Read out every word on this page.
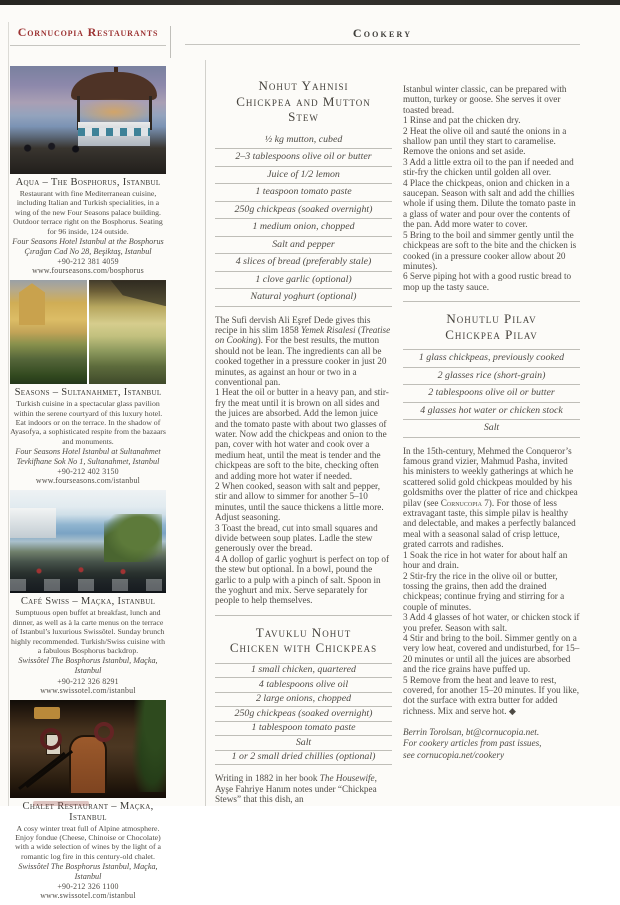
Cornucopia Restaurants	Cookery
Aqua – The Bosphorus, Istanbul
Restaurant with fine Mediterranean cuisine, including Italian and Turkish specialities, in a wing of the new Four Seasons palace building. Outdoor terrace right on the Bosphorus. Seating for 96 inside, 124 outside.
Four Seasons Hotel Istanbul at the Bosphorus
Çırağan Cad No 28, Beşiktaş, Istanbul
+90-212 381 4059 www.fourseasons.com/bosphorus
Seasons – Sultanahmet, Istanbul
Turkish cuisine in a spectacular glass pavilion within the serene courtyard of this luxury hotel. Eat indoors or on the terrace. In the shadow of Ayasofya, a sophisticated respite from the bazaars and monuments.
Four Seasons Hotel Istanbul at Sultanahmet
Tevkifhane Sok No 1, Sultanahmet, Istanbul
+90-212 402 3150 www.fourseasons.com/istanbul
Café Swiss – Maçka, Istanbul
Sumptuous open buffet at breakfast, lunch and dinner, as well as à la carte menus on the terrace of Istanbul’s luxurious Swissôtel. Sunday brunch highly recommended. Turkish/Swiss cuisine with a fabulous Bosphorus backdrop.
Swissôtel The Bosphorus Istanbul, Maçka, Istanbul
+90-212 326 8291 www.swissotel.com/istanbul
Chalet Restaurant – Maçka, Istanbul
A cosy winter treat full of Alpine atmosphere. Enjoy fondue (Cheese, Chinoise or Chocolate) with a wide selection of wines by the light of a romantic log fire in this century-old chalet.
Swissôtel The Bosphorus Istanbul, Maçka, Istanbul
+90-212 326 1100 www.swissotel.com/istanbul
Nohut Yahnisi
Chickpea and Mutton
Stew
½ kg mutton, cubed
2–3 tablespoons olive oil or butter
Juice of 1/2 lemon
1 teaspoon tomato paste
250g chickpeas (soaked overnight)
1 medium onion, chopped
Salt and pepper
4 slices of bread (preferably stale)
1 clove garlic (optional)
Natural yoghurt (optional)

The Sufi dervish Ali Eşref Dede gives this recipe in his slim 1858 Yemek Risalesi (Treatise on Cooking). For the best results, the mutton should not be lean. The ingredients can all be cooked together in a pressure cooker in just 20 minutes, as against an hour or two in a conventional pan.

1 Heat the oil or butter in a heavy pan, and stir-fry the meat until it is brown on all sides and the juices are absorbed. Add the lemon juice and the tomato paste with about two glasses of water. Now add the chickpeas and onion to the pan, cover with hot water and cook over a medium heat, until the meat is tender and the chickpeas are soft to the bite, checking often and adding more hot water if needed.

2 When cooked, season with salt and pepper, stir and allow to simmer for another 5–10 minutes, until the sauce thickens a little more. Adjust seasoning.

3 Toast the bread, cut into small squares and divide between soup plates. Ladle the stew generously over the bread.

4 A dollop of garlic yoghurt is perfect on top of the stew but optional. In a bowl, pound the garlic to a pulp with a pinch of salt. Spoon in the yoghurt and mix. Serve separately for people to help themselves.

Tavuklu Nohut
Chicken with Chickpeas
1 small chicken, quartered
4 tablespoons olive oil
2 large onions, chopped
250g chickpeas (soaked overnight)
1 tablespoon tomato paste
Salt
1 or 2 small dried chillies (optional)

Writing in 1882 in her book The Housewife, Ayşe Fahriye Hanım notes under “Chickpea Stews” that this dish, an

Istanbul winter classic, can be prepared with mutton, turkey or goose. She serves it over toasted bread.

1 Rinse and pat the chicken dry.

2 Heat the olive oil and sauté the onions in a shallow pan until they start to caramelise. Remove the onions and set aside.

3 Add a little extra oil to the pan if needed and stir-fry the chicken until golden all over.

4 Place the chickpeas, onion and chicken in a saucepan. Season with salt and add the chillies whole if using them. Dilute the tomato paste in a glass of water and pour over the contents of the pan. Add more water to cover.

5 Bring to the boil and simmer gently until the chickpeas are soft to the bite and the chicken is cooked (in a pressure cooker allow about 20 minutes).

6 Serve piping hot with a good rustic bread to mop up the tasty sauce.

Nohutlu Pilav
Chickpea Pilav
1 glass chickpeas, previously cooked
2 glasses rice (short-grain)
2 tablespoons olive oil or butter
4 glasses hot water or chicken stock
Salt

In the 15th-century, Mehmed the Conqueror’s famous grand vizier, Mahmud Pasha, invited his ministers to weekly gatherings at which he scattered solid gold chickpeas moulded by his goldsmiths over the platter of rice and chickpea pilav (see Cornucopia 7). For those of less extravagant taste, this simple pilav is healthy and delectable, and makes a perfectly balanced meal with a seasonal salad of crisp lettuce, grated carrots and radishes.

1 Soak the rice in hot water for about half an hour and drain.

2 Stir-fry the rice in the olive oil or butter, tossing the grains, then add the drained chickpeas; continue frying and stirring for a couple of minutes.

3 Add 4 glasses of hot water, or chicken stock if you prefer. Season with salt.

4 Stir and bring to the boil. Simmer gently on a very low heat, covered and undisturbed, for 15–20 minutes or until all the juices are absorbed and the rice grains have puffed up.

5 Remove from the heat and leave to rest, covered, for another 15–20 minutes. If you like, dot the surface with extra butter for added richness. Mix and serve hot. ◆

Berrin Torolsan, bt@cornucopia.net.
For cookery articles from past issues,
see cornucopia.net/cookery
